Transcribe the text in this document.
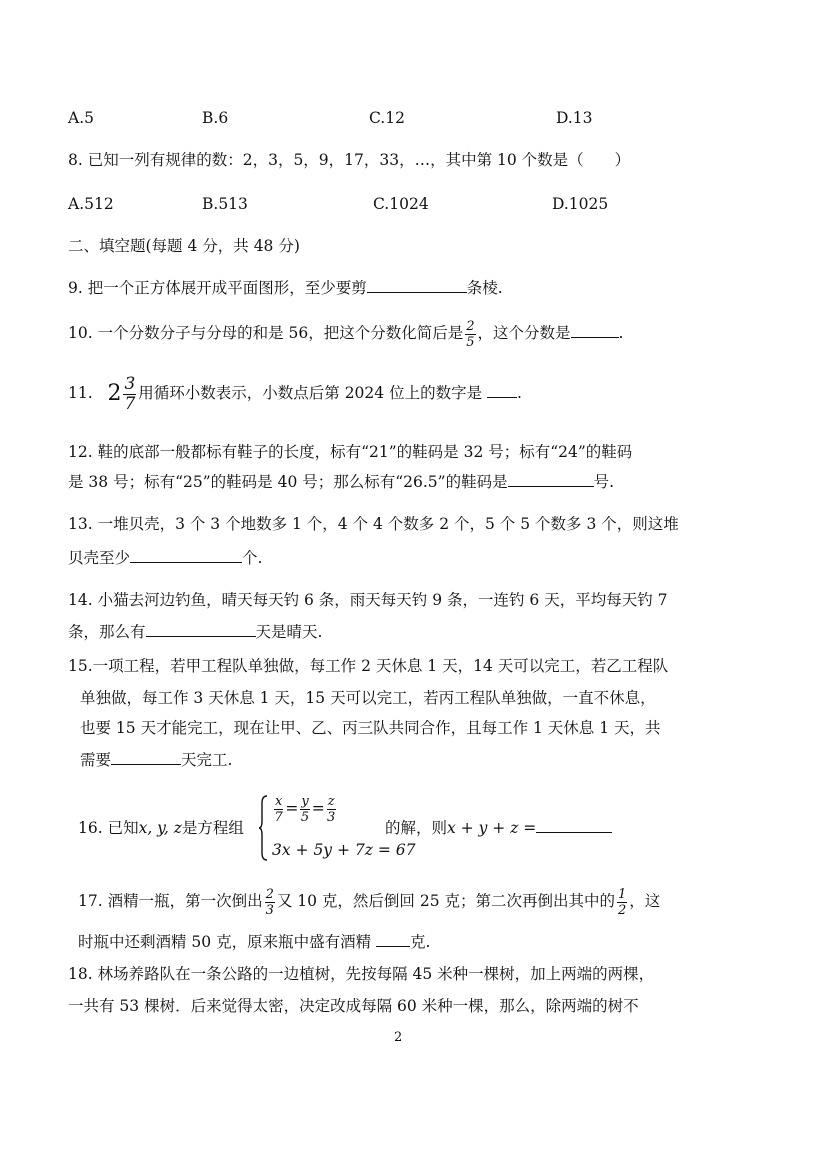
A.5	B.6	C.12	D.13
8. 已知一列有规律的数：2，3，5，9，17，33，…，其中第 10 个数是（　　）
A.512	B.513	C.1024	D.1025
二、填空题(每题 4 分，共 48 分)
9. 把一个正方体展开成平面图形，至少要剪	条棱.
10. 一个分数分子与分母的和是 56，把这个分数化简后是 $\frac{2}{5}$ ，这个分数是	.
11. $2 \frac{3}{7}$ 用循环小数表示，小数点后第 2024 位上的数字是 .
12. 鞋的底部一般都标有鞋子的长度，标有“21”的鞋码是 32 号；标有“24”的鞋码
是 38 号；标有“25”的鞋码是 40 号；那么标有“26.5”的鞋码是	号.
13. 一堆贝壳，3 个 3 个地数多 1 个，4 个 4 个数多 2 个，5 个 5 个数多 3 个，则这堆
贝壳至少	个.
14. 小猫去河边钓鱼，晴天每天钓 6 条，雨天每天钓 9 条，一连钓 6 天，平均每天钓 7
条，那么有	天是晴天.
15.一项工程，若甲工程队单独做，每工作 2 天休息 1 天，14 天可以完工，若乙工程队
单独做，每工作 3 天休息 1 天，15 天可以完工，若丙工程队单独做，一直不休息，
也要 15 天才能完工，现在让甲、乙、丙三队共同合作，且每工作 1 天休息 1 天，共
需要	天完工.
16. 已知x, y, z是方程组
$\frac{x}{7} = \frac{y}{5} = \frac{z}{3}$
3x + 5y + 7z = 67
的解，则x + y + z =
17. 酒精一瓶，第一次倒出 $\frac{2}{3}$ 又 10 克，然后倒回 25 克；第二次再倒出其中的 $\frac{1}{2}$ ，这
时瓶中还剩酒精 50 克，原来瓶中盛有酒精	克.
18. 林场养路队在一条公路的一边植树，先按每隔 45 米种一棵树，加上两端的两棵，
一共有 53 棵树．后来觉得太密，决定改成每隔 60 米种一棵，那么，除两端的树不
2
